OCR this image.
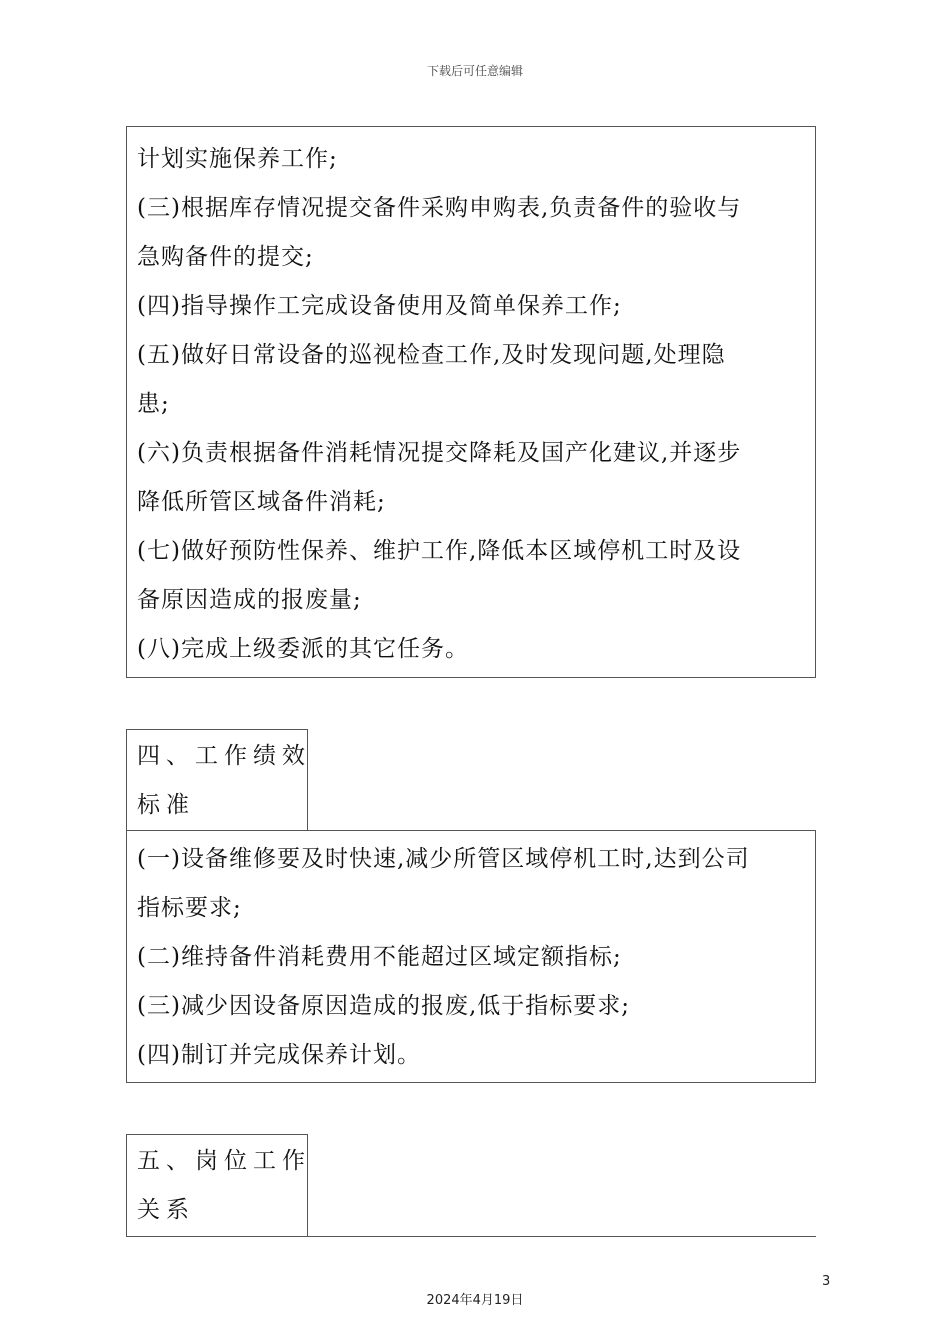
下载后可任意编辑
计划实施保养工作;
(三)根据库存情况提交备件采购申购表,负责备件的验收与
急购备件的提交;
(四)指导操作工完成设备使用及简单保养工作;
(五)做好日常设备的巡视检查工作,及时发现问题,处理隐
患;
(六)负责根据备件消耗情况提交降耗及国产化建议,并逐步
降低所管区域备件消耗;
(七)做好预防性保养、维护工作,降低本区域停机工时及设
备原因造成的报废量;
(八)完成上级委派的其它任务。
四、工作绩效
标准
(一)设备维修要及时快速,减少所管区域停机工时,达到公司
指标要求;
(二)维持备件消耗费用不能超过区域定额指标;
(三)减少因设备原因造成的报废,低于指标要求;
(四)制订并完成保养计划。
五、岗位工作
关系
3
2024年4月19日
